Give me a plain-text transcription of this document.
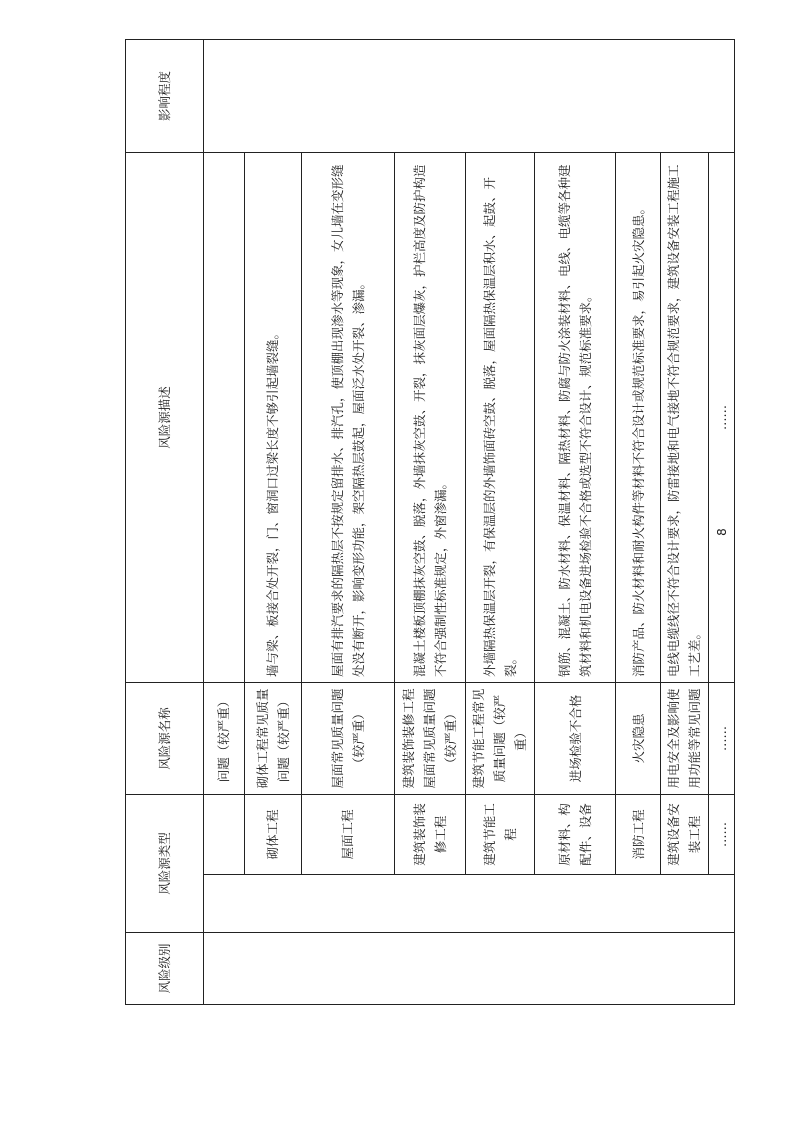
风险级别	风险源类型		风险源名称	风险源描述	影响程度
			问题（较严重）		
		砌体工程	砌体工程常见质量问题（较严重）	墙与梁、板接合处开裂，门、窗洞口过梁长度不够引起墙裂缝。	
		屋面工程	屋面常见质量问题（较严重）	屋面有排汽要求的隔热层不按规定留排水、排汽孔，使顶棚出现渗水等现象，女儿墙在变形缝处没有断开，影响变形功能，架空隔热层鼓起，屋面泛水处开裂、渗漏。	
		建筑装饰装修工程	建筑装饰装修工程屋面常见质量问题（较严重）	混凝土楼板顶棚抹灰空鼓、脱落，外墙抹灰空鼓、开裂，抹灰面层爆灰，护栏高度及防护构造不符合强制性标准规定，外窗渗漏。	
		建筑节能工程	建筑节能工程常见质量问题（较严重）	外墙隔热保温层开裂，有保温层的外墙饰面砖空鼓、脱落，屋面隔热保温层积水、起鼓、开裂。	
		原材料、构配件、设备	进场检验不合格	钢筋、混凝土、防水材料、保温材料、隔热材料、防腐与防火涂装材料、电线、电缆等各种建筑材料和机电设备进场检验不合格或选型不符合设计、规范标准要求。	
		消防工程	火灾隐患	消防产品、防火材料和耐火构件等材料不符合设计或规范标准要求，易引起火灾隐患。	
		建筑设备安装工程	用电安全及影响使用功能等常见问题	电线电缆线径不符合设计要求，防雷接地和电气接地不符合规范要求，建筑设备安装工程施工工艺差。	
		……	……	……	
8
